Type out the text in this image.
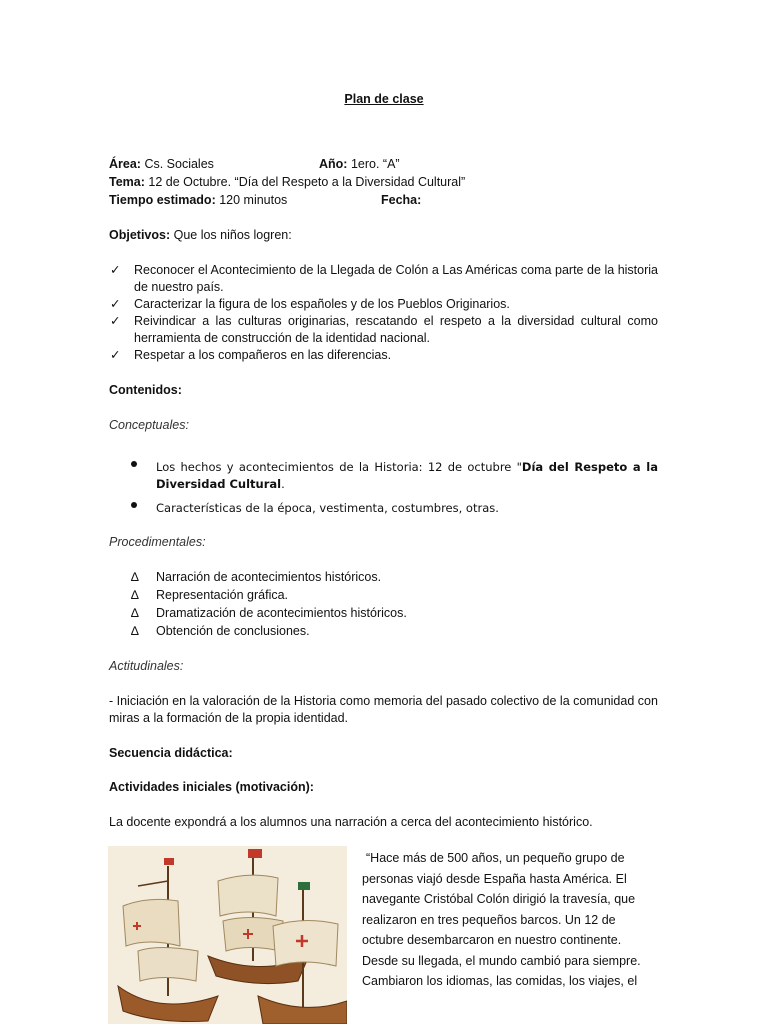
Plan de clase
Área: Cs. Sociales	Año: 1ero. “A”
Tema: 12 de Octubre. “Día del Respeto a la Diversidad Cultural”
Tiempo estimado: 120 minutos	Fecha:
Objetivos: Que los niños logren:
✓ Reconocer el Acontecimiento de la Llegada de Colón a Las Américas coma parte de la historia de nuestro país.
✓ Caracterizar la figura de los españoles y de los Pueblos Originarios.
✓ Reivindicar a las culturas originarias, rescatando el respeto a la diversidad cultural como herramienta de construcción de la identidad nacional.
✓ Respetar a los compañeros en las diferencias.
Contenidos:
Conceptuales:
Los hechos y acontecimientos de la Historia: 12 de octubre "Día del Respeto a la Diversidad Cultural.
Características de la época, vestimenta, costumbres, otras.
Procedimentales:
∆ Narración de acontecimientos históricos.
∆ Representación gráfica.
∆ Dramatización de acontecimientos históricos.
∆ Obtención de conclusiones.
Actitudinales:
- Iniciación en la valoración de la Historia como memoria del pasado colectivo de la comunidad con miras a la formación de la propia identidad.
Secuencia didáctica:
Actividades iniciales (motivación):
La docente expondrá a los alumnos una narración a cerca del acontecimiento histórico.
“Hace más de 500 años, un pequeño grupo de
personas viajó desde España hasta América. El
navegante Cristóbal Colón dirigió la travesía, que
realizaron en tres pequeños barcos. Un 12 de
octubre desembarcaron en nuestro continente.
Desde su llegada, el mundo cambió para siempre.
Cambiaron los idiomas, las comidas, los viajes, el
